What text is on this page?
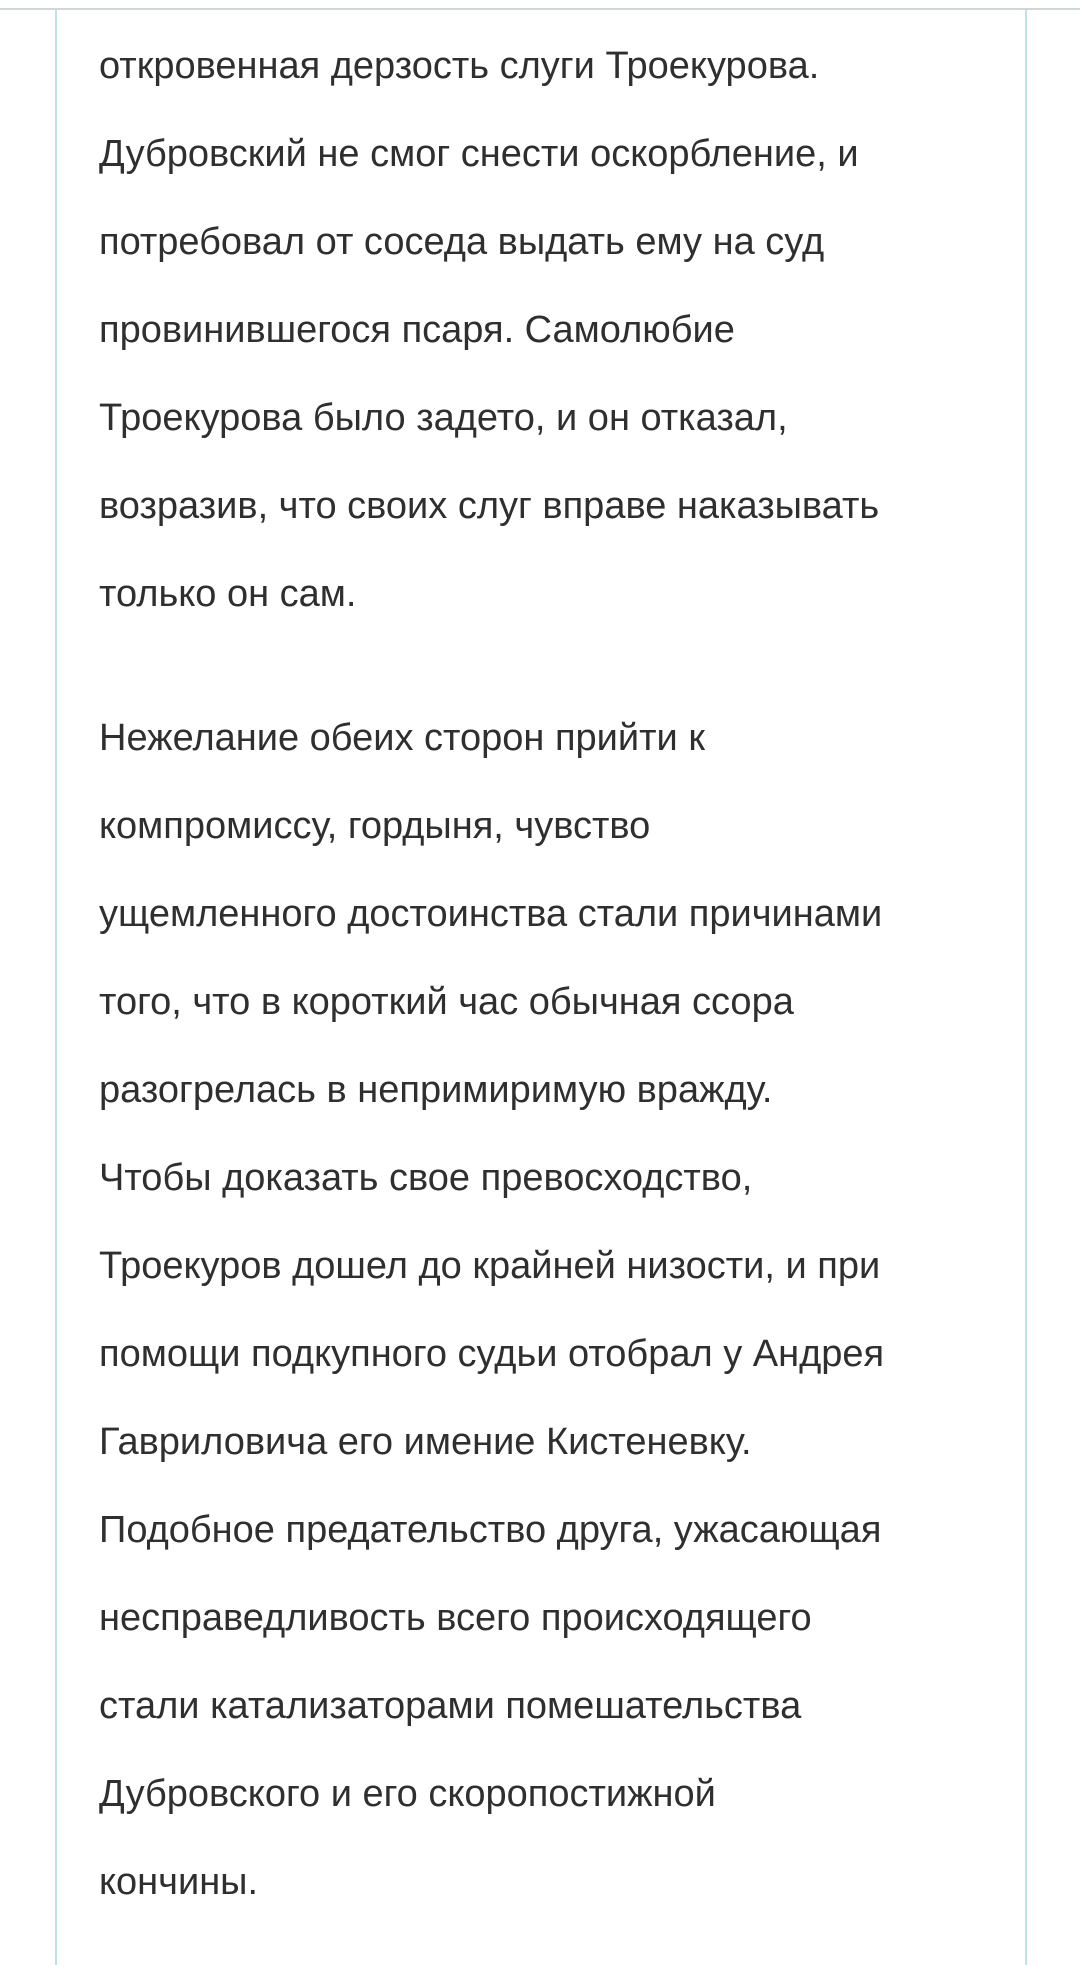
откровенная дерзость слуги Троекурова.
Дубровский не смог снести оскорбление, и
потребовал от соседа выдать ему на суд
провинившегося псаря. Самолюбие
Троекурова было задето, и он отказал,
возразив, что своих слуг вправе наказывать
только он сам.
Нежелание обеих сторон прийти к
компромиссу, гордыня, чувство
ущемленного достоинства стали причинами
того, что в короткий час обычная ссора
разогрелась в непримиримую вражду.
Чтобы доказать свое превосходство,
Троекуров дошел до крайней низости, и при
помощи подкупного судьи отобрал у Андрея
Гавриловича его имение Кистеневку.
Подобное предательство друга, ужасающая
несправедливость всего происходящего
стали катализаторами помешательства
Дубровского и его скоропостижной
кончины.
